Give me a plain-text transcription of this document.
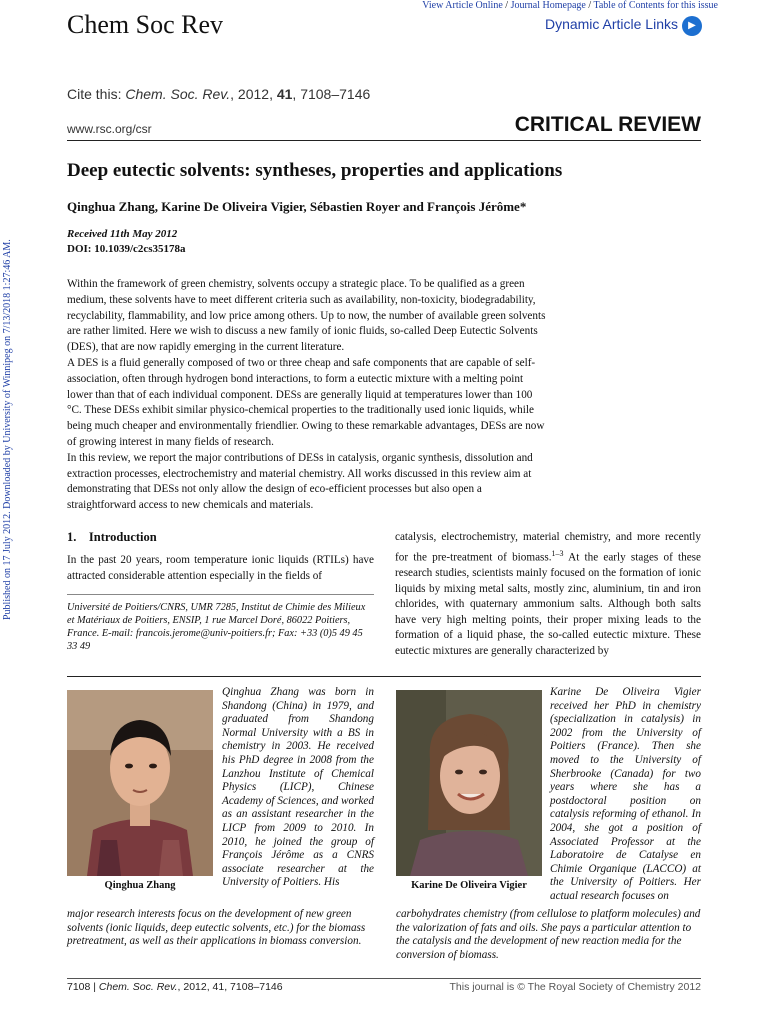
Published on 17 July 2012. Downloaded by University of Winnipeg on 7/13/2018 1:27:46 AM.
View Article Online / Journal Homepage / Table of Contents for this issue
Dynamic Article Links	▶
Chem Soc Rev
Cite this: Chem. Soc. Rev., 2012, 41, 7108–7146
www.rsc.org/csr	CRITICAL REVIEW
Deep eutectic solvents: syntheses, properties and applications
Qinghua Zhang, Karine De Oliveira Vigier, Sébastien Royer and François Jérôme*
Received 11th May 2012
DOI: 10.1039/c2cs35178a

Within the framework of green chemistry, solvents occupy a strategic place. To be qualified as a green medium, these solvents have to meet different criteria such as availability, non-toxicity, biodegradability, recyclability, flammability, and low price among others. Up to now, the number of available green solvents are rather limited. Here we wish to discuss a new family of ionic fluids, so-called Deep Eutectic Solvents (DES), that are now rapidly emerging in the current literature.

A DES is a fluid generally composed of two or three cheap and safe components that are capable of self-association, often through hydrogen bond interactions, to form a eutectic mixture with a melting point lower than that of each individual component. DESs are generally liquid at temperatures lower than 100 °C. These DESs exhibit similar physico-chemical properties to the traditionally used ionic liquids, while being much cheaper and environmentally friendlier. Owing to these remarkable advantages, DESs are now of growing interest in many fields of research.

In this review, we report the major contributions of DESs in catalysis, organic synthesis, dissolution and extraction processes, electrochemistry and material chemistry. All works discussed in this review aim at demonstrating that DESs not only allow the design of eco-efficient processes but also open a straightforward access to new chemicals and materials.

1. Introduction

In the past 20 years, room temperature ionic liquids (RTILs) have attracted considerable attention especially in the fields of

Université de Poitiers/CNRS, UMR 7285, Institut de Chimie des Milieux et Matériaux de Poitiers, ENSIP, 1 rue Marcel Doré, 86022 Poitiers, France. E-mail: francois.jerome@univ-poitiers.fr; Fax: +33 (0)5 49 45 33 49

catalysis, electrochemistry, material chemistry, and more recently for the pre-treatment of biomass.$^{1-3}$ At the early stages of these research studies, scientists mainly focused on the formation of ionic liquids by mixing metal salts, mostly zinc, aluminium, tin and iron chlorides, with quaternary ammonium salts. Although both salts have very high melting points, their proper mixing leads to the formation of a liquid phase, the so-called eutectic mixture. These eutectic mixtures are generally characterized by

Qinghua Zhang

Qinghua Zhang was born in Shandong (China) in 1979, and graduated from Shandong Normal University with a BS in chemistry in 2003. He received his PhD degree in 2008 from the Lanzhou Institute of Chemical Physics (LICP), Chinese Academy of Sciences, and worked as an assistant researcher in the LICP from 2009 to 2010. In 2010, he joined the group of François Jérôme as a CNRS associate researcher at the University of Poitiers. His

major research interests focus on the development of new green solvents (ionic liquids, deep eutectic solvents, etc.) for the biomass pretreatment, as well as their applications in biomass conversion.

Karine De Oliveira Vigier

Karine De Oliveira Vigier received her PhD in chemistry (specialization in catalysis) in 2002 from the University of Poitiers (France). Then she moved to the University of Sherbrooke (Canada) for two years where she has a postdoctoral position on catalysis reforming of ethanol. In 2004, she got a position of Associated Professor at the Laboratoire de Catalyse en Chimie Organique (LACCO) at the University of Poitiers. Her actual research focuses on

carbohydrates chemistry (from cellulose to platform molecules) and the valorization of fats and oils. She pays a particular attention to the catalysis and the development of new reaction media for the conversion of biomass.

7108 | Chem. Soc. Rev., 2012, 41, 7108–7146	This journal is © The Royal Society of Chemistry 2012
